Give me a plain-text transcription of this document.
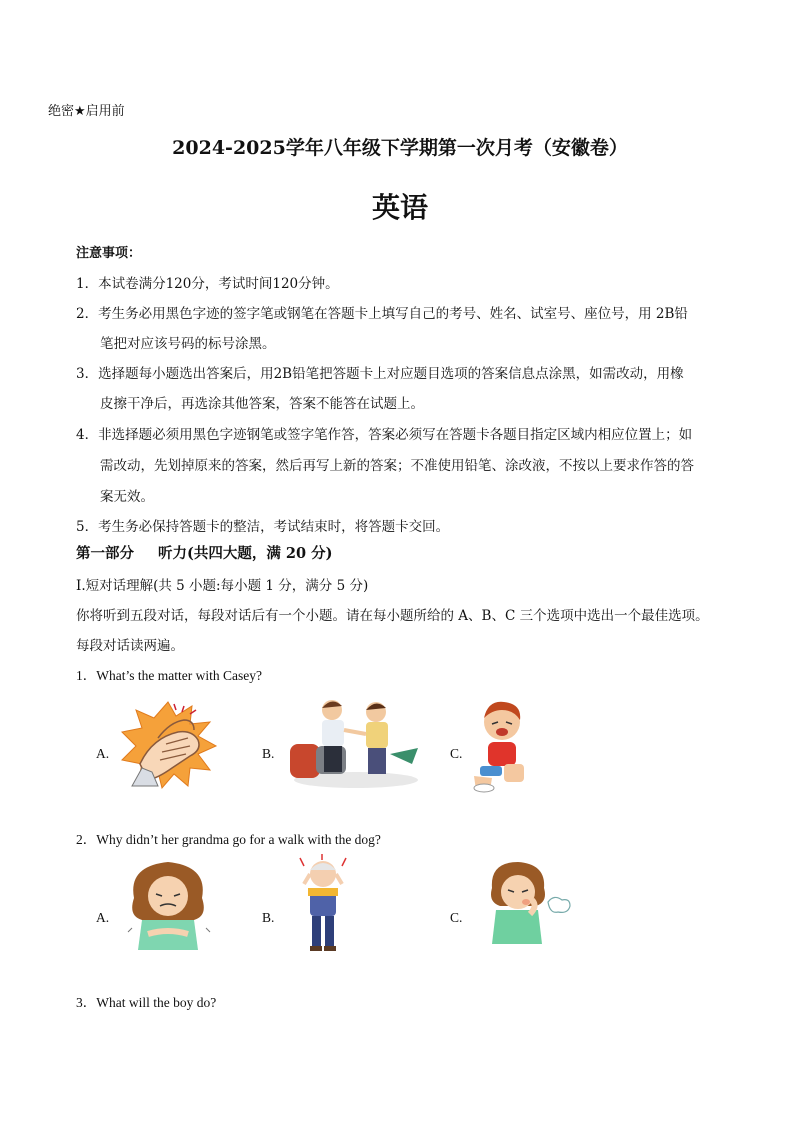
绝密★启用前
2024-2025学年八年级下学期第一次月考（安徽卷）
英语
注意事项：
1．本试卷满分120分，考试时间120分钟。
2．考生务必用黑色字迹的签字笔或钢笔在答题卡上填写自己的考号、姓名、试室号、座位号，用 2B铅
笔把对应该号码的标号涂黑。
3．选择题每小题选出答案后，用2B铅笔把答题卡上对应题目选项的答案信息点涂黑，如需改动，用橡
皮擦干净后，再选涂其他答案，答案不能答在试题上。
4．非选择题必须用黑色字迹钢笔或签字笔作答，答案必须写在答题卡各题目指定区域内相应位置上；如
需改动，先划掉原来的答案，然后再写上新的答案；不准使用铅笔、涂改液，不按以上要求作答的答
案无效。
5．考生务必保持答题卡的整洁，考试结束时，将答题卡交回。
第一部分 听力(共四大题，满 20 分)
I.短对话理解(共 5 小题:每小题 1 分，满分 5 分)
你将听到五段对话，每段对话后有一个小题。请在每小题所给的 A、B、C 三个选项中选出一个最佳选项。
每段对话读两遍。
1．What’s the matter with Casey?
A.	B.	C.
2．Why didn’t her grandma go for a walk with the dog?
A.	B.	C.
3．What will the boy do?
